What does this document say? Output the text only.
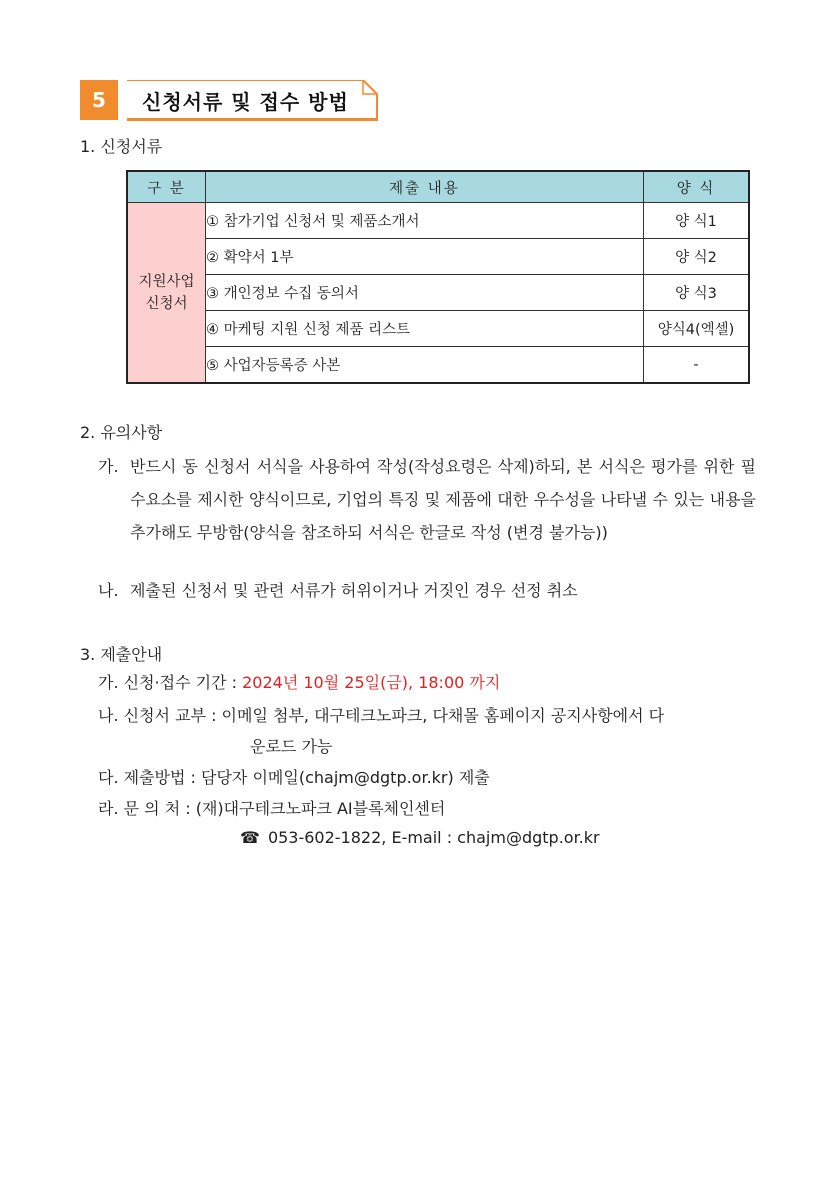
5	신청서류 및 접수 방법
1. 신청서류
구 분	제출 내용	양 식
지원사업 신청서	① 참가기업 신청서 및 제품소개서	양 식1
	② 확약서 1부	양 식2
	③ 개인정보 수집 동의서	양 식3
	④ 마케팅 지원 신청 제품 리스트	양식4(엑셀)
	⑤ 사업자등록증 사본	-
2. 유의사항
가. 반드시 동 신청서 서식을 사용하여 작성(작성요령은 삭제)하되, 본 서식은 평가를 위한 필수요소를 제시한 양식이므로, 기업의 특징 및 제품에 대한 우수성을 나타낼 수 있는 내용을 추가해도 무방함(양식을 참조하되 서식은 한글로 작성 (변경 불가능))
나. 제출된 신청서 및 관련 서류가 허위이거나 거짓인 경우 선정 취소
3. 제출안내
가. 신청·접수 기간 : 2024년 10월 25일(금), 18:00 까지
나. 신청서 교부 : 이메일 첨부, 대구테크노파크, 다채몰 홈페이지 공지사항에서 다
운로드 가능
다. 제출방법 : 담당자 이메일(chajm@dgtp.or.kr) 제출
라. 문 의 처 : (재)대구테크노파크 AI블록체인센터
☎ 053-602-1822, E-mail : chajm@dgtp.or.kr
